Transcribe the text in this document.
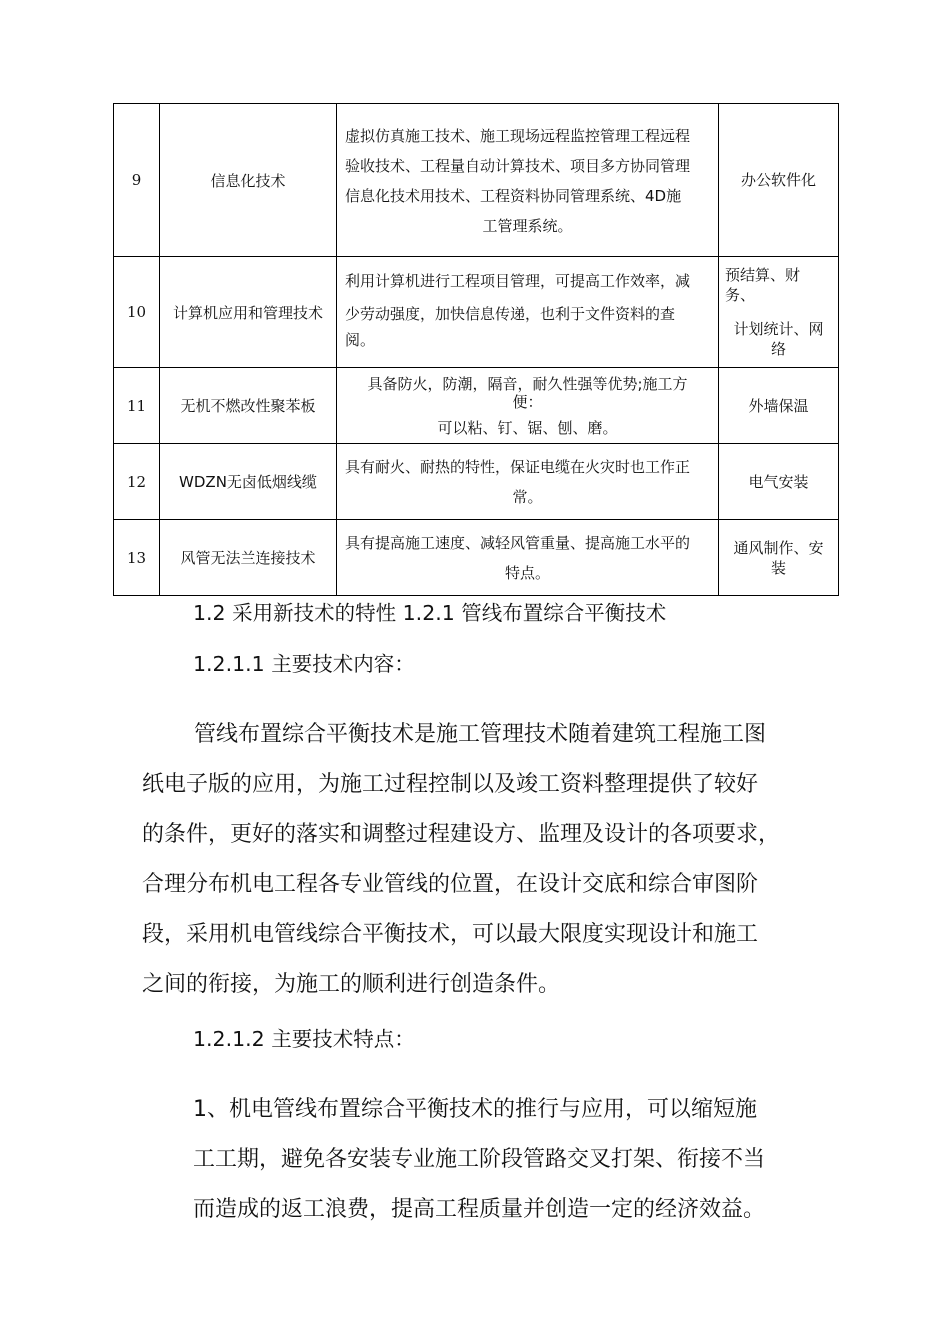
9	信息化技术	虚拟仿真施工技术、施工现场远程监控管理工程远程
验收技术、工程量自动计算技术、项目多方协同管理
信息化技术用技术、工程资料协同管理系统、4D施
工管理系统。	办公软件化

10	计算机应用和管理技术	利用计算机进行工程项目管理，可提高工作效率，减
少劳动强度，加快信息传递，也利于文件资料的查
阅。	预结算、财
务、
计划统计、网
络

11	无机不燃改性聚苯板	具备防火，防潮，隔音，耐久性强等优势;施工方
便：
可以粘、钉、锯、刨、磨。	外墙保温

12	WDZN无卤低烟线缆	具有耐火、耐热的特性，保证电缆在火灾时也工作正
常。	电气安装

13	风管无法兰连接技术	具有提高施工速度、减轻风管重量、提高施工水平的
特点。	通风制作、安
装
1.2 采用新技术的特性 1.2.1 管线布置综合平衡技术
1.2.1.1 主要技术内容：
管线布置综合平衡技术是施工管理技术随着建筑工程施工图
纸电子版的应用，为施工过程控制以及竣工资料整理提供了较好
的条件，更好的落实和调整过程建设方、监理及设计的各项要求，
合理分布机电工程各专业管线的位置，在设计交底和综合审图阶
段，采用机电管线综合平衡技术，可以最大限度实现设计和施工
之间的衔接，为施工的顺利进行创造条件。
1.2.1.2 主要技术特点：
1、机电管线布置综合平衡技术的推行与应用，可以缩短施
工工期，避免各安装专业施工阶段管路交叉打架、衔接不当
而造成的返工浪费，提高工程质量并创造一定的经济效益。
